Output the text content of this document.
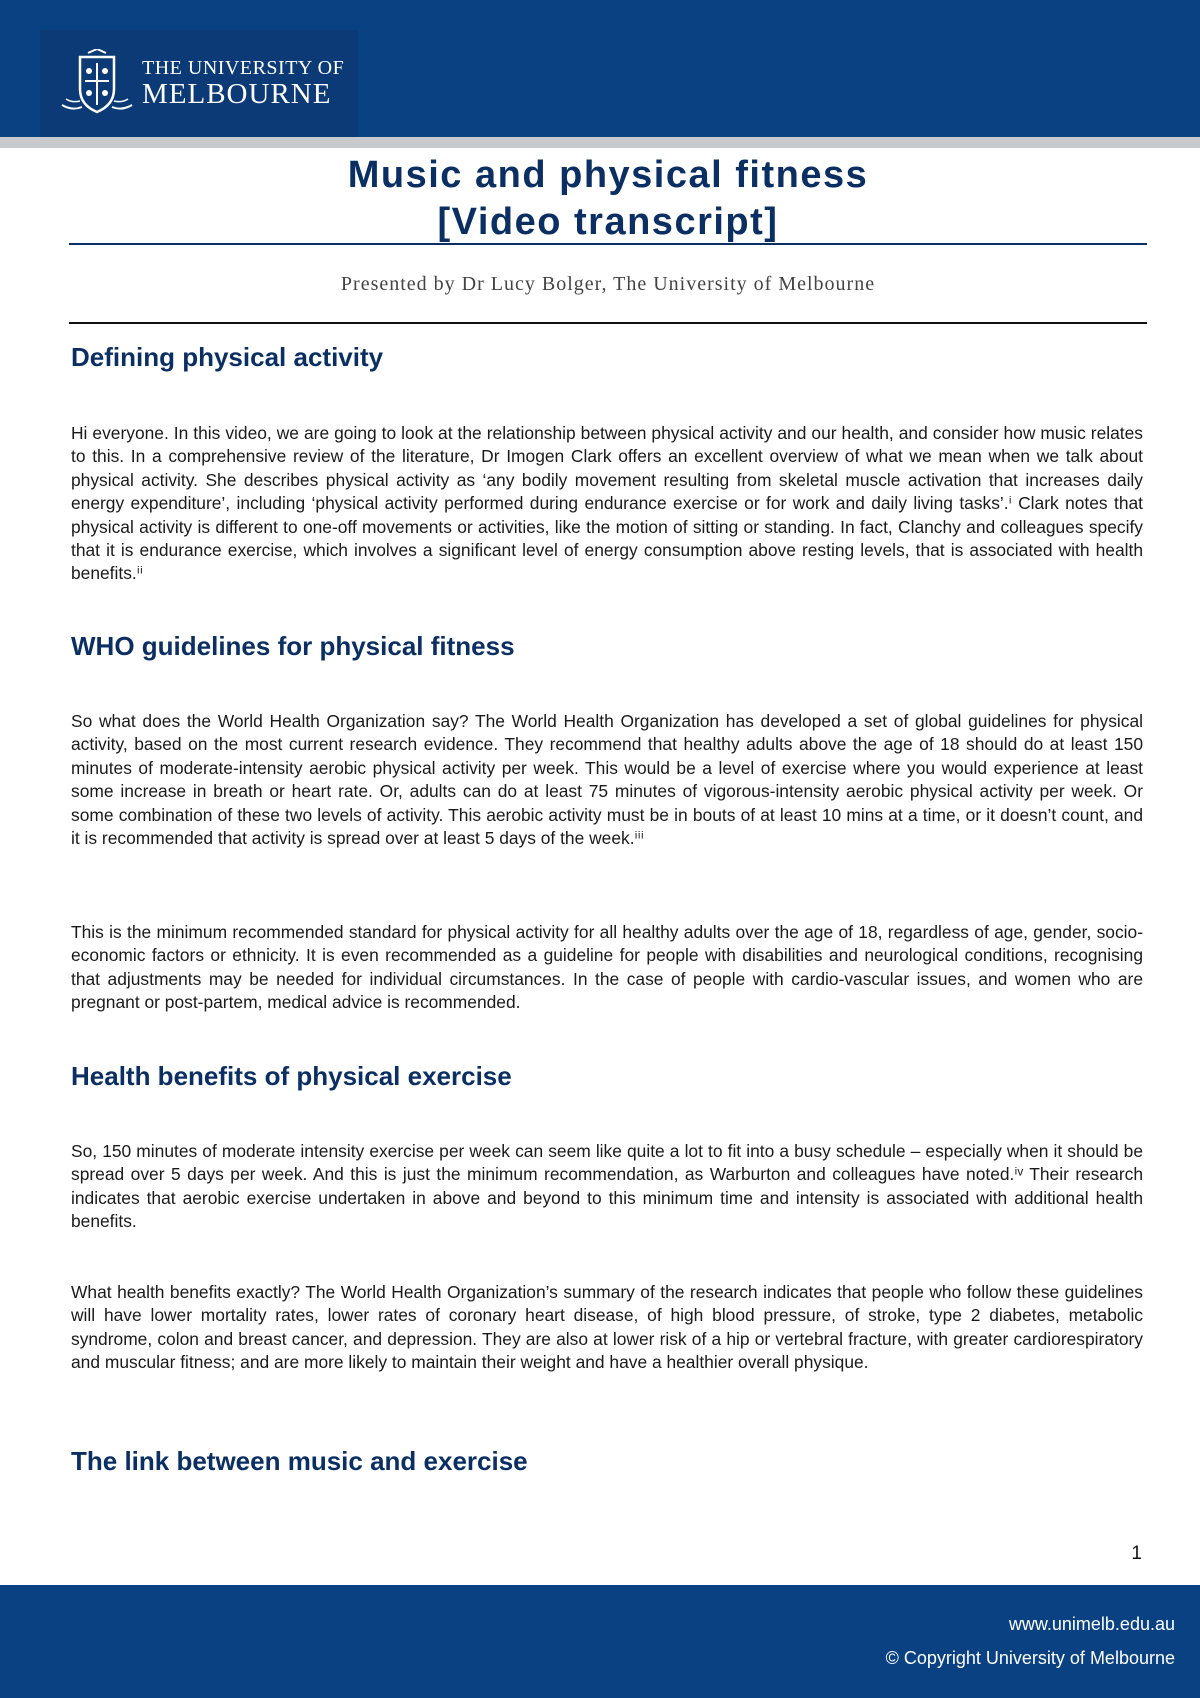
THE UNIVERSITY OF
MELBOURNE
Music and physical fitness
[Video transcript]
Presented by Dr Lucy Bolger, The University of Melbourne
Defining physical activity

Hi everyone. In this video, we are going to look at the relationship between physical activity and our health, and consider how music relates to this. In a comprehensive review of the literature, Dr Imogen Clark offers an excellent overview of what we mean when we talk about physical activity. She describes physical activity as ‘any bodily movement resulting from skeletal muscle activation that increases daily energy expenditure’, including ‘physical activity performed during endurance exercise or for work and daily living tasks’.ⁱ Clark notes that physical activity is different to one-off movements or activities, like the motion of sitting or standing. In fact, Clanchy and colleagues specify that it is endurance exercise, which involves a significant level of energy consumption above resting levels, that is associated with health benefits.ⁱⁱ

WHO guidelines for physical fitness

So what does the World Health Organization say? The World Health Organization has developed a set of global guidelines for physical activity, based on the most current research evidence. They recommend that healthy adults above the age of 18 should do at least 150 minutes of moderate-intensity aerobic physical activity per week. This would be a level of exercise where you would experience at least some increase in breath or heart rate. Or, adults can do at least 75 minutes of vigorous-intensity aerobic physical activity per week. Or some combination of these two levels of activity. This aerobic activity must be in bouts of at least 10 mins at a time, or it doesn’t count, and it is recommended that activity is spread over at least 5 days of the week.ⁱⁱⁱ

This is the minimum recommended standard for physical activity for all healthy adults over the age of 18, regardless of age, gender, socio-economic factors or ethnicity. It is even recommended as a guideline for people with disabilities and neurological conditions, recognising that adjustments may be needed for individual circumstances. In the case of people with cardio-vascular issues, and women who are pregnant or post-partem, medical advice is recommended.

Health benefits of physical exercise

So, 150 minutes of moderate intensity exercise per week can seem like quite a lot to fit into a busy schedule – especially when it should be spread over 5 days per week. And this is just the minimum recommendation, as Warburton and colleagues have noted.ⁱᵛ Their research indicates that aerobic exercise undertaken in above and beyond to this minimum time and intensity is associated with additional health benefits.

What health benefits exactly? The World Health Organization’s summary of the research indicates that people who follow these guidelines will have lower mortality rates, lower rates of coronary heart disease, of high blood pressure, of stroke, type 2 diabetes, metabolic syndrome, colon and breast cancer, and depression. They are also at lower risk of a hip or vertebral fracture, with greater cardiorespiratory and muscular fitness; and are more likely to maintain their weight and have a healthier overall physique.

The link between music and exercise
1
www.unimelb.edu.au
© Copyright University of Melbourne
